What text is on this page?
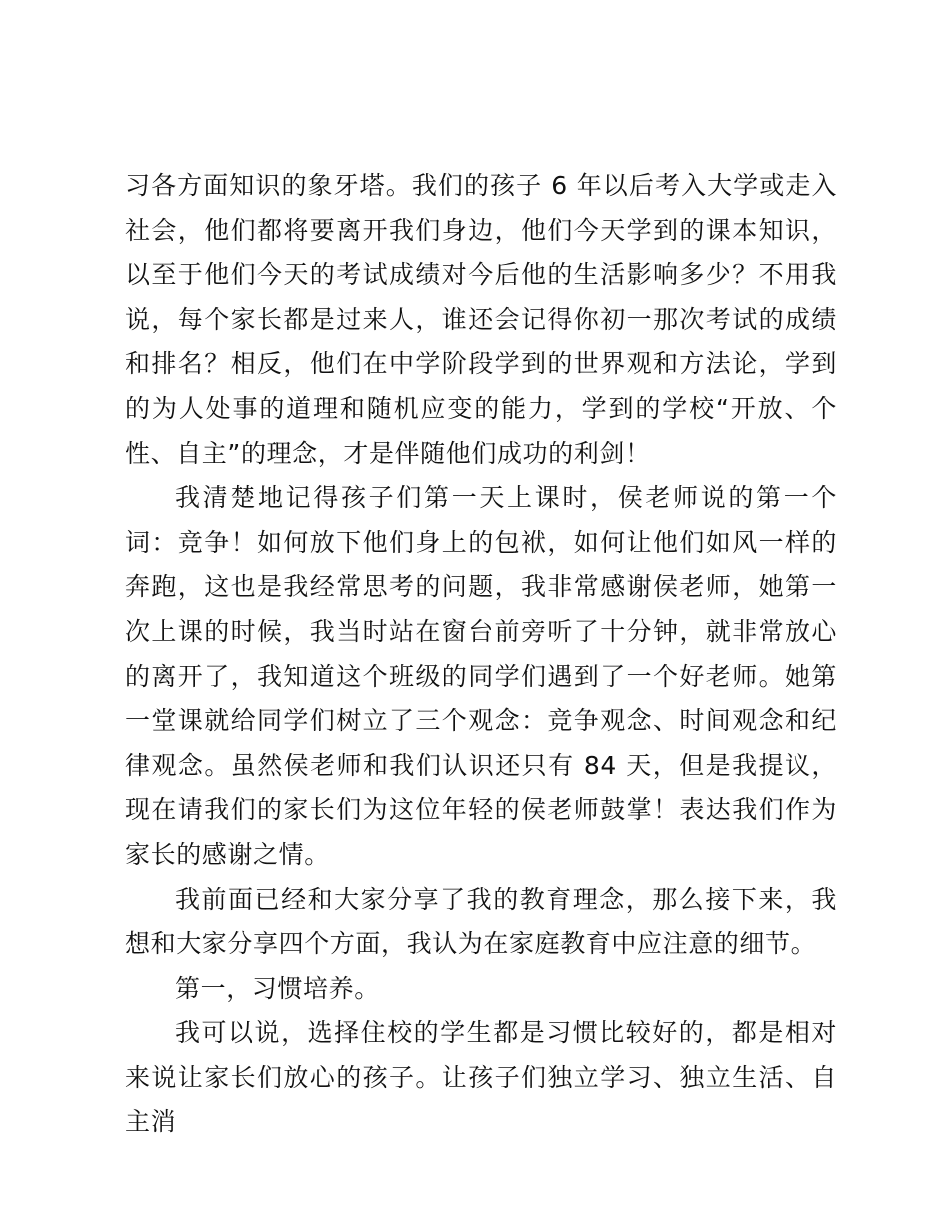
习各方面知识的象牙塔。我们的孩子 6 年以后考入大学或走入社会，他们都将要离开我们身边，他们今天学到的课本知识，以至于他们今天的考试成绩对今后他的生活影响多少？不用我说，每个家长都是过来人，谁还会记得你初一那次考试的成绩和排名？相反，他们在中学阶段学到的世界观和方法论，学到的为人处事的道理和随机应变的能力，学到的学校“开放、个性、自主”的理念，才是伴随他们成功的利剑！

我清楚地记得孩子们第一天上课时，侯老师说的第一个词：竞争！如何放下他们身上的包袱，如何让他们如风一样的奔跑，这也是我经常思考的问题，我非常感谢侯老师，她第一次上课的时候，我当时站在窗台前旁听了十分钟，就非常放心的离开了，我知道这个班级的同学们遇到了一个好老师。她第一堂课就给同学们树立了三个观念：竞争观念、时间观念和纪律观念。虽然侯老师和我们认识还只有 84 天，但是我提议，现在请我们的家长们为这位年轻的侯老师鼓掌！表达我们作为家长的感谢之情。

我前面已经和大家分享了我的教育理念，那么接下来，我想和大家分享四个方面，我认为在家庭教育中应注意的细节。

第一，习惯培养。

我可以说，选择住校的学生都是习惯比较好的，都是相对来说让家长们放心的孩子。让孩子们独立学习、独立生活、自主消
